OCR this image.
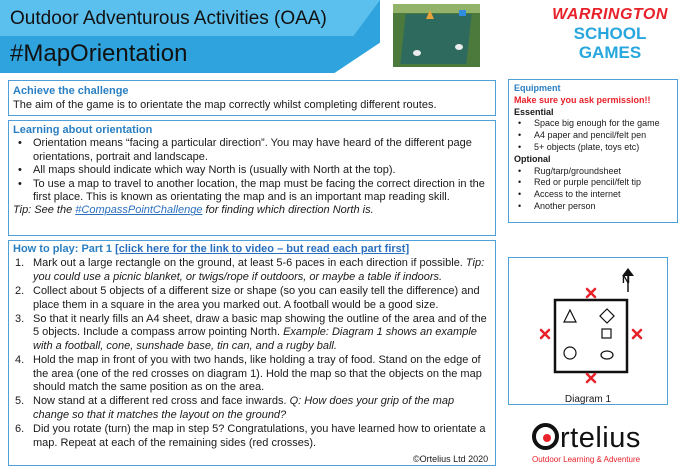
Outdoor Adventurous Activities (OAA)
#MapOrientation
WARRINGTON
SCHOOL
GAMES
Achieve the challenge
The aim of the game is to orientate the map correctly whilst completing different routes.
Learning about orientation
• Orientation means “facing a particular direction”. You may have heard of the different page orientations, portrait and landscape.
• All maps should indicate which way North is (usually with North at the top).
• To use a map to travel to another location, the map must be facing the correct direction in the first place. This is known as orientating the map and is an important map reading skill.
Tip: See the #CompassPointChallenge for finding which direction North is.
How to play: Part 1 [click here for the link to video – but read each part first]
1. Mark out a large rectangle on the ground, at least 5-6 paces in each direction if possible. Tip: you could use a picnic blanket, or twigs/rope if outdoors, or maybe a table if indoors.
2. Collect about 5 objects of a different size or shape (so you can easily tell the difference) and place them in a square in the area you marked out. A football would be a good size.
3. So that it nearly fills an A4 sheet, draw a basic map showing the outline of the area and of the 5 objects. Include a compass arrow pointing North. Example: Diagram 1 shows an example with a football, cone, sunshade base, tin can, and a rugby ball.
4. Hold the map in front of you with two hands, like holding a tray of food. Stand on the edge of the area (one of the red crosses on diagram 1). Hold the map so that the objects on the map should match the same position as on the area.
5. Now stand at a different red cross and face inwards. Q: How does your grip of the map change so that it matches the layout on the ground?
6. Did you rotate (turn) the map in step 5? Congratulations, you have learned how to orientate a map. Repeat at each of the remaining sides (red crosses).
©Ortelius Ltd 2020
Equipment
Make sure you ask permission!!
Essential
• Space big enough for the game
• A4 paper and pencil/felt pen
• 5+ objects (plate, toys etc)
Optional
• Rug/tarp/groundsheet
• Red or purple pencil/felt tip
• Access to the internet
• Another person
N
Diagram 1
rtelius
Outdoor Learning & Adventure
